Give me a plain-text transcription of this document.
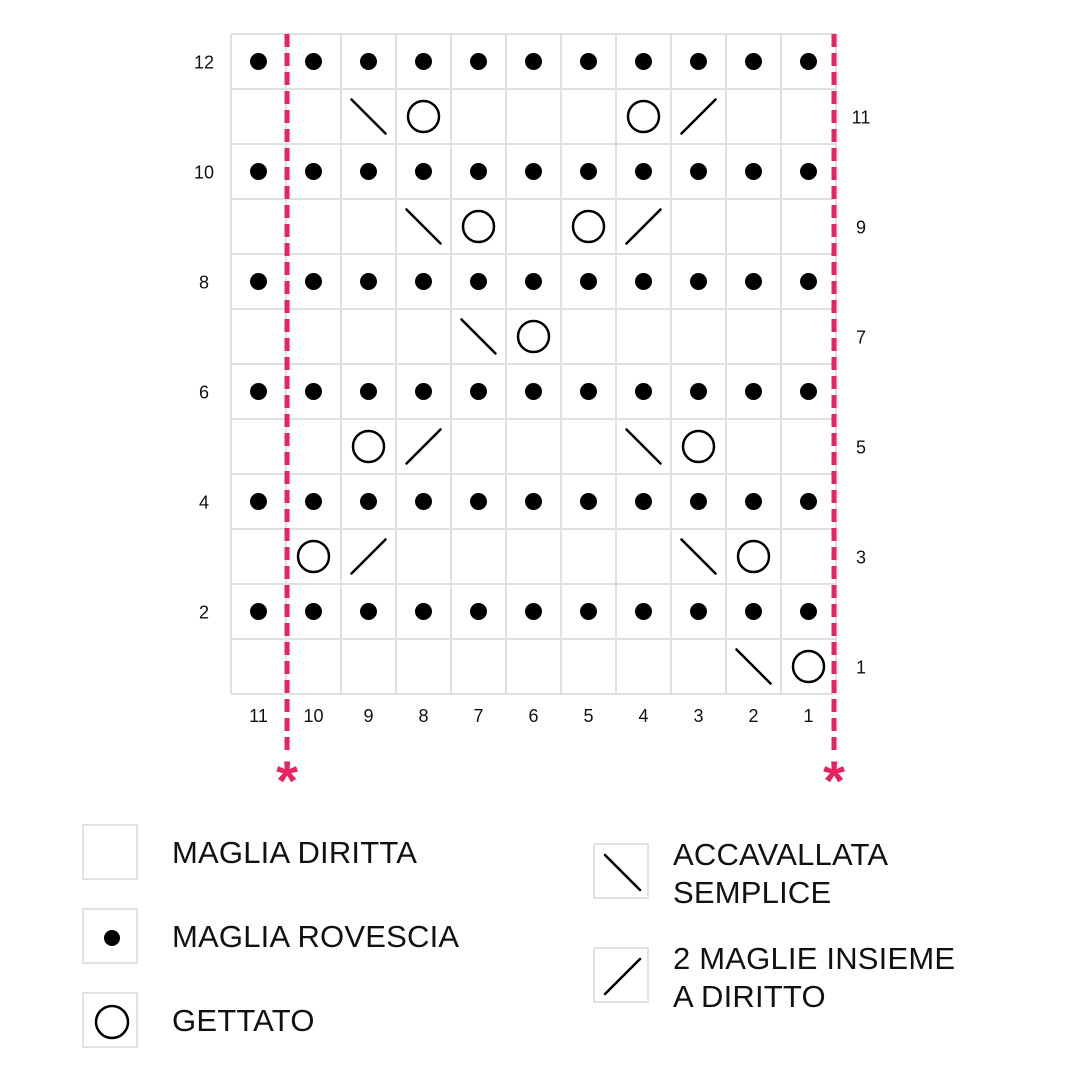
11 10 9 8 7 6 5 4 3 2 1
12
10
8
6
4
2
11
9
7
5
3
1
*	*
MAGLIA DIRITTA
MAGLIA ROVESCIA
GETTATO
ACCAVALLATA
SEMPLICE
2 MAGLIE INSIEME
A DIRITTO
